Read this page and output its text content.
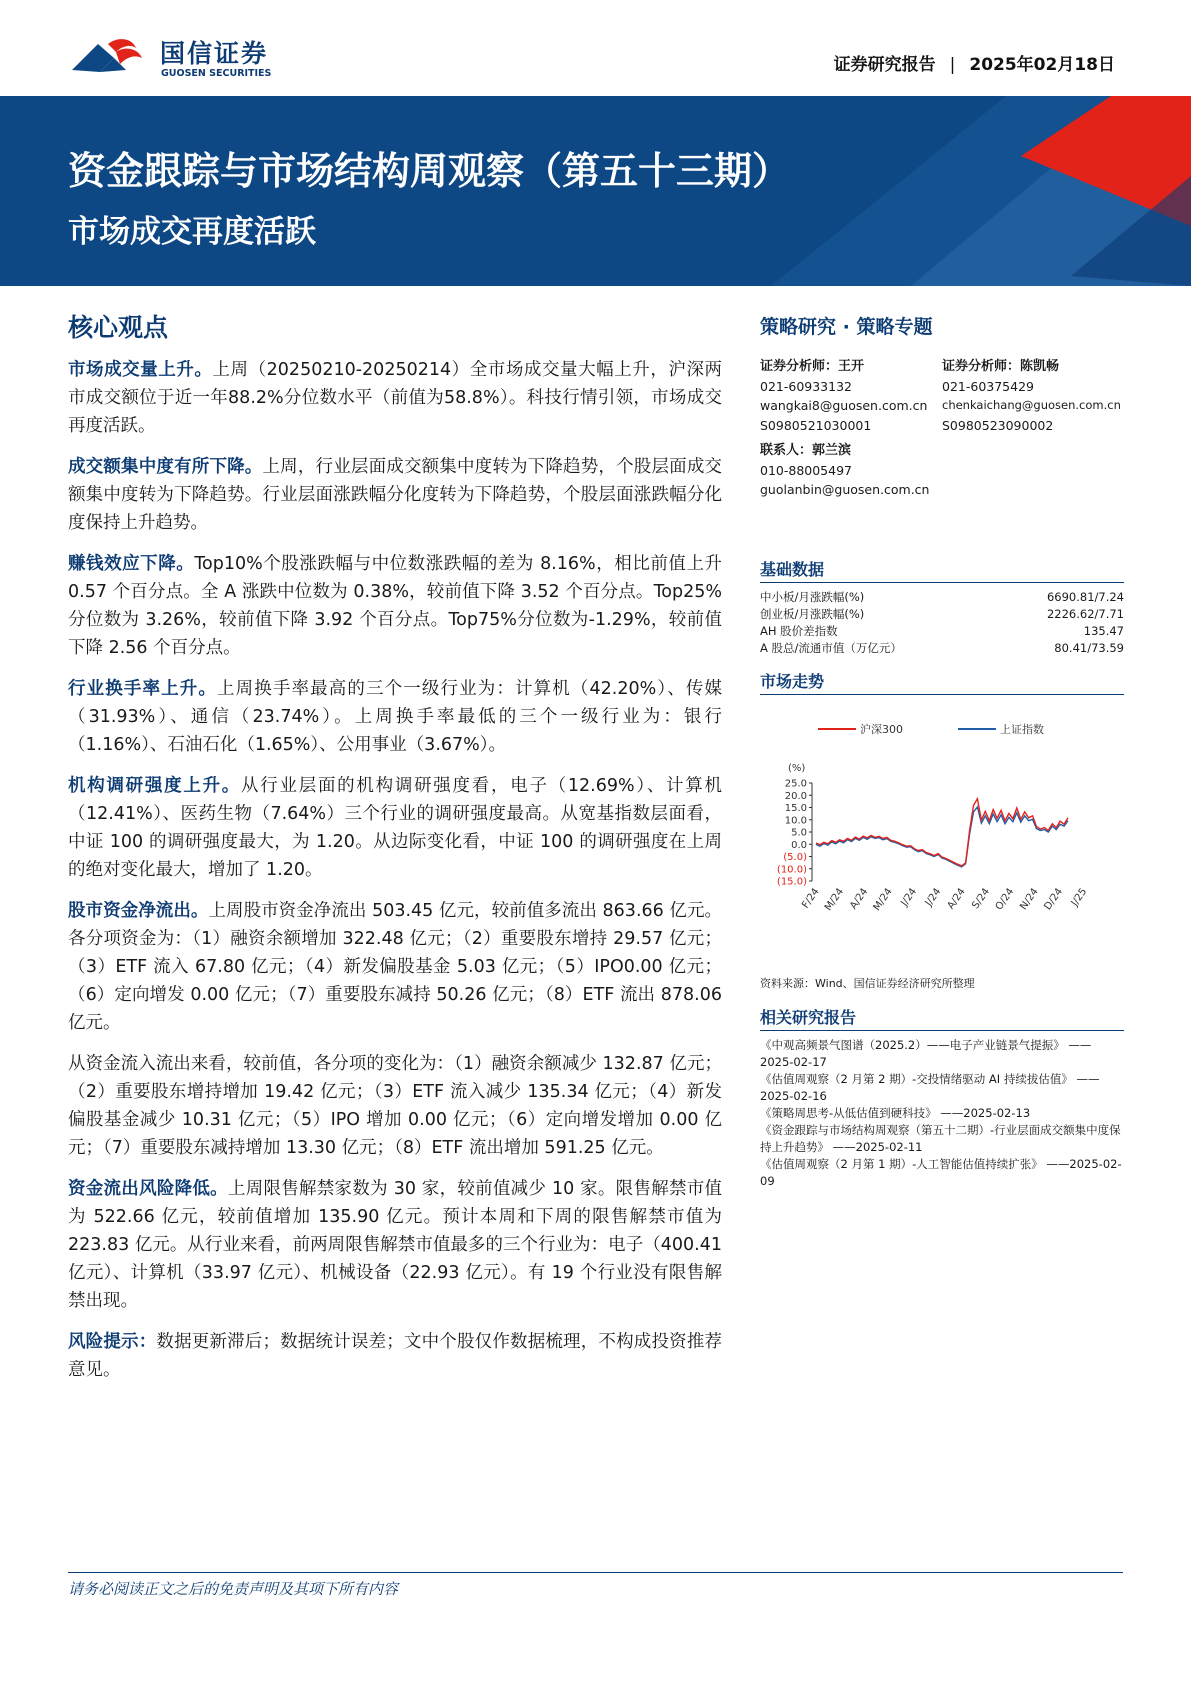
国信证券
GUOSEN SECURITIES	证券研究报告 | 2025年02月18日
资金跟踪与市场结构周观察（第五十三期）
市场成交再度活跃
核心观点

市场成交量上升。上周（20250210-20250214）全市场成交量大幅上升，沪深两市成交额位于近一年88.2%分位数水平（前值为58.8%）。科技行情引领，市场成交再度活跃。

成交额集中度有所下降。上周，行业层面成交额集中度转为下降趋势，个股层面成交额集中度转为下降趋势。行业层面涨跌幅分化度转为下降趋势，个股层面涨跌幅分化度保持上升趋势。

赚钱效应下降。Top10%个股涨跌幅与中位数涨跌幅的差为 8.16%，相比前值上升 0.57 个百分点。全 A 涨跌中位数为 0.38%，较前值下降 3.52 个百分点。Top25%分位数为 3.26%，较前值下降 3.92 个百分点。Top75%分位数为-1.29%，较前值下降 2.56 个百分点。

行业换手率上升。上周换手率最高的三个一级行业为：计算机（42.20%）、传媒（31.93%）、通信（23.74%）。上周换手率最低的三个一级行业为：银行（1.16%）、石油石化（1.65%）、公用事业（3.67%）。

机构调研强度上升。从行业层面的机构调研强度看，电子（12.69%）、计算机（12.41%）、医药生物（7.64%）三个行业的调研强度最高。从宽基指数层面看，中证 100 的调研强度最大，为 1.20。从边际变化看，中证 100 的调研强度在上周的绝对变化最大，增加了 1.20。

股市资金净流出。上周股市资金净流出 503.45 亿元，较前值多流出 863.66 亿元。各分项资金为：（1）融资余额增加 322.48 亿元；（2）重要股东增持 29.57 亿元；（3）ETF 流入 67.80 亿元；（4）新发偏股基金 5.03 亿元；（5）IPO0.00 亿元；（6）定向增发 0.00 亿元；（7）重要股东减持 50.26 亿元；（8）ETF 流出 878.06 亿元。

从资金流入流出来看，较前值，各分项的变化为：（1）融资余额减少 132.87 亿元；（2）重要股东增持增加 19.42 亿元；（3）ETF 流入减少 135.34 亿元；（4）新发偏股基金减少 10.31 亿元；（5）IPO 增加 0.00 亿元；（6）定向增发增加 0.00 亿元；（7）重要股东减持增加 13.30 亿元；（8）ETF 流出增加 591.25 亿元。

资金流出风险降低。上周限售解禁家数为 30 家，较前值减少 10 家。限售解禁市值为 522.66 亿元，较前值增加 135.90 亿元。预计本周和下周的限售解禁市值为 223.83 亿元。从行业来看，前两周限售解禁市值最多的三个行业为：电子（400.41 亿元）、计算机（33.97 亿元）、机械设备（22.93 亿元）。有 19 个行业没有限售解禁出现。

风险提示：数据更新滞后；数据统计误差；文中个股仅作数据梳理，不构成投资推荐意见。

策略研究 · 策略专题
证券分析师：王开
021-60933132
wangkai8@guosen.com.cn
S0980521030001
证券分析师：陈凯畅
021-60375429
chenkaichang@guosen.com.cn
S0980523090002
联系人：郭兰滨
010-88005497
guolanbin@guosen.com.cn
基础数据
中小板/月涨跌幅(%)	6690.81/7.24
创业板/月涨跌幅(%)	2226.62/7.71
AH 股价差指数	135.47
A 股总/流通市值（万亿元）	80.41/73.59
市场走势
沪深300	上证指数
(%)
25.0
20.0
15.0
10.0
5.0
0.0
(5.0)
(10.0)
(15.0)
F/24 M/24 A/24 M/24 J/24 J/24 A/24 S/24 O/24 N/24 D/24 J/25
资料来源：Wind、国信证券经济研究所整理
相关研究报告
《中观高频景气图谱（2025.2）——电子产业链景气提振》 ——2025-02-17
《估值周观察（2 月第 2 期）-交投情绪驱动 AI 持续拔估值》 ——2025-02-16
《策略周思考-从低估值到硬科技》 ——2025-02-13
《资金跟踪与市场结构周观察（第五十二期）-行业层面成交额集中度保持上升趋势》 ——2025-02-11
《估值周观察（2 月第 1 期）-人工智能估值持续扩张》 ——2025-02-09
请务必阅读正文之后的免责声明及其项下所有内容
